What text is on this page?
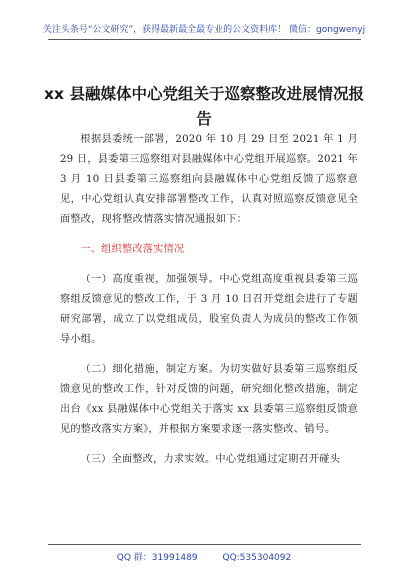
关注头条号“公文研究”，获得最新最全最专业的公文资料库！ 微信：gongwenyj
xx 县融媒体中心党组关于巡察整改进展情况报告

根据县委统一部署，2020 年 10 月 29 日至 2021 年 1 月 29 日，县委第三巡察组对县融媒体中心党组开展巡察。2021 年 3 月 10 日县委第三巡察组向县融媒体中心党组反馈了巡察意见，中心党组认真安排部署整改工作，认真对照巡察反馈意见全面整改，现将整改情落实情况通报如下：

一、组织整改落实情况

（一）高度重视，加强领导。中心党组高度重视县委第三巡察组反馈意见的整改工作，于 3 月 10 日召开党组会进行了专题研究部署，成立了以党组成员，股室负责人为成员的整改工作领导小组。

（二）细化措施，制定方案。为切实做好县委第三巡察组反馈意见的整改工作，针对反馈的问题，研究细化整改措施，制定出台《xx 县融媒体中心党组关于落实 xx 县委第三巡察组反馈意见的整改落实方案》，并根据方案要求逐一落实整改、销号。

（三）全面整改，力求实效。中心党组通过定期召开碰头

QQ 群：31991489	QQ:535304092
